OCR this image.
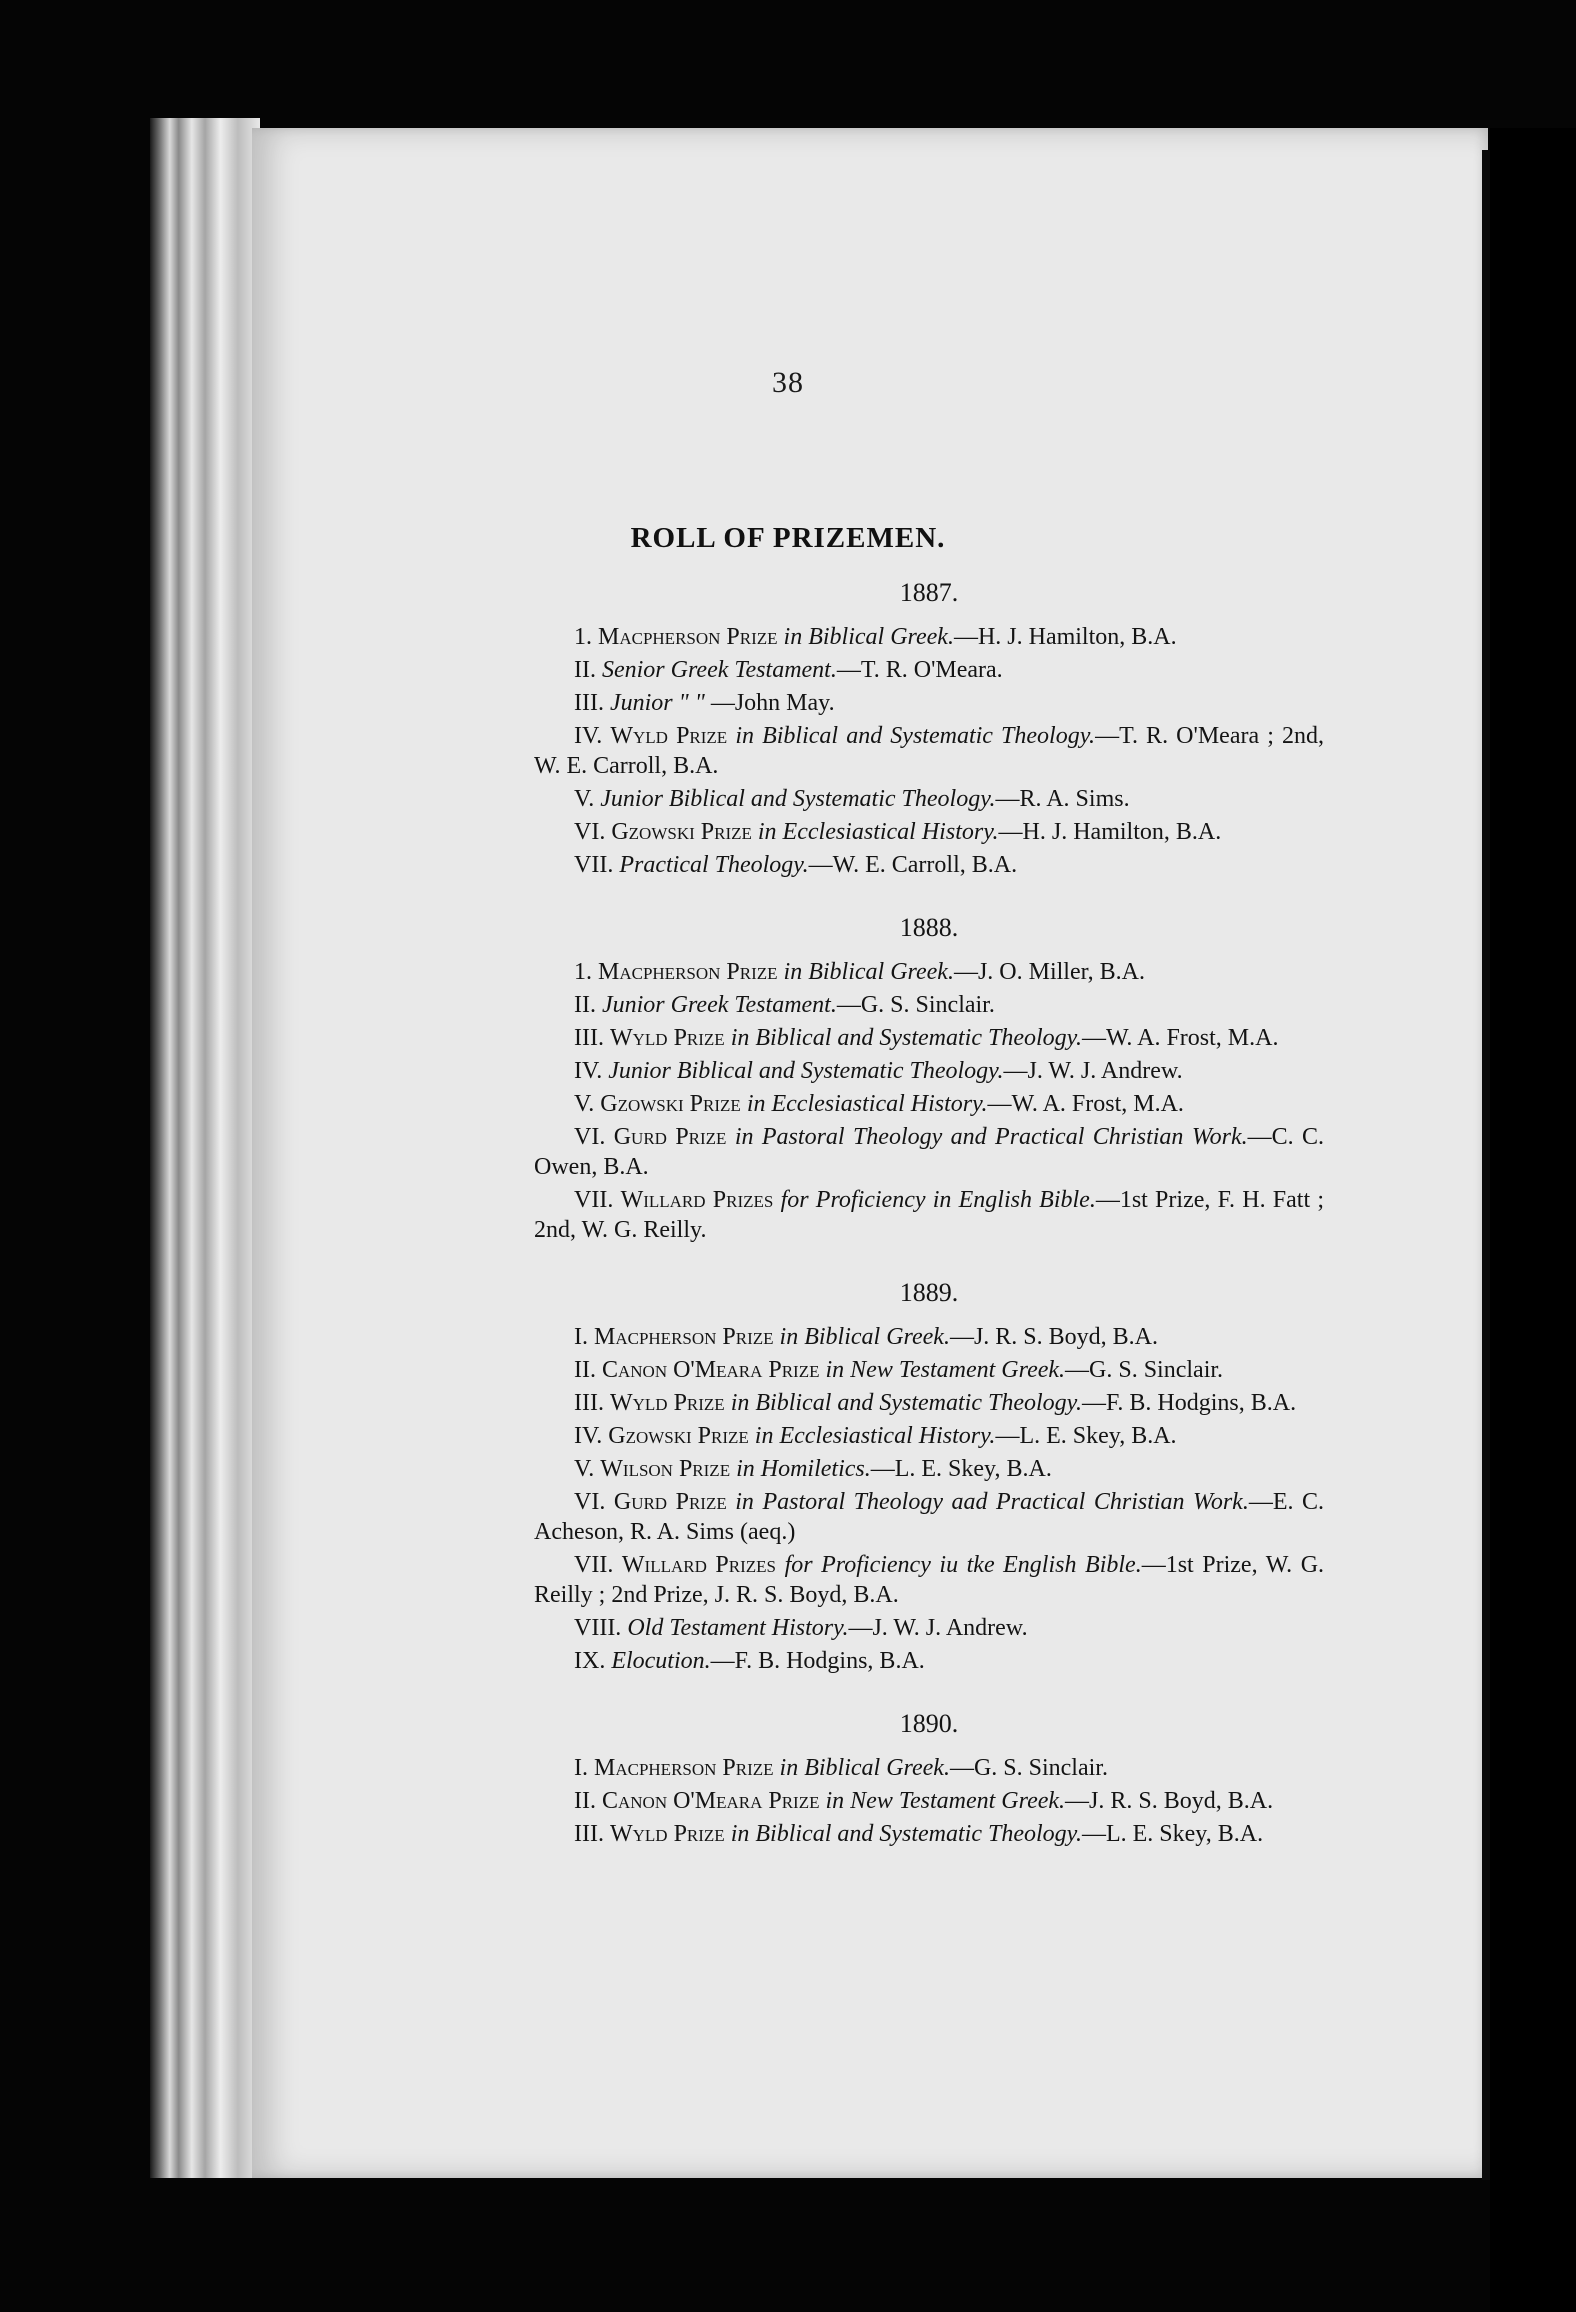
38
ROLL OF PRIZEMEN.
1887.
1. Macpherson Prize in Biblical Greek.—H. J. Hamilton, B.A.
II. Senior Greek Testament.—T. R. O'Meara.
III. Junior " " —John May.
IV. Wyld Prize in Biblical and Systematic Theology.—T. R. O'Meara ; 2nd, W. E. Carroll, B.A.
V. Junior Biblical and Systematic Theology.—R. A. Sims.
VI. Gzowski Prize in Ecclesiastical History.—H. J. Hamilton, B.A.
VII. Practical Theology.—W. E. Carroll, B.A.
1888.
1. Macpherson Prize in Biblical Greek.—J. O. Miller, B.A.
II. Junior Greek Testament.—G. S. Sinclair.
III. Wyld Prize in Biblical and Systematic Theology.—W. A. Frost, M.A.
IV. Junior Biblical and Systematic Theology.—J. W. J. Andrew.
V. Gzowski Prize in Ecclesiastical History.—W. A. Frost, M.A.
VI. Gurd Prize in Pastoral Theology and Practical Christian Work.—C. C. Owen, B.A.
VII. Willard Prizes for Proficiency in English Bible.—1st Prize, F. H. Fatt ; 2nd, W. G. Reilly.
1889.
I. Macpherson Prize in Biblical Greek.—J. R. S. Boyd, B.A.
II. Canon O'Meara Prize in New Testament Greek.—G. S. Sinclair.
III. Wyld Prize in Biblical and Systematic Theology.—F. B. Hodgins, B.A.
IV. Gzowski Prize in Ecclesiastical History.—L. E. Skey, B.A.
V. Wilson Prize in Homiletics.—L. E. Skey, B.A.
VI. Gurd Prize in Pastoral Theology aad Practical Christian Work.—E. C. Acheson, R. A. Sims (aeq.)
VII. Willard Prizes for Proficiency iu tke English Bible.—1st Prize, W. G. Reilly ; 2nd Prize, J. R. S. Boyd, B.A.
VIII. Old Testament History.—J. W. J. Andrew.
IX. Elocution.—F. B. Hodgins, B.A.
1890.
I. Macpherson Prize in Biblical Greek.—G. S. Sinclair.
II. Canon O'Meara Prize in New Testament Greek.—J. R. S. Boyd, B.A.
III. Wyld Prize in Biblical and Systematic Theology.—L. E. Skey, B.A.
